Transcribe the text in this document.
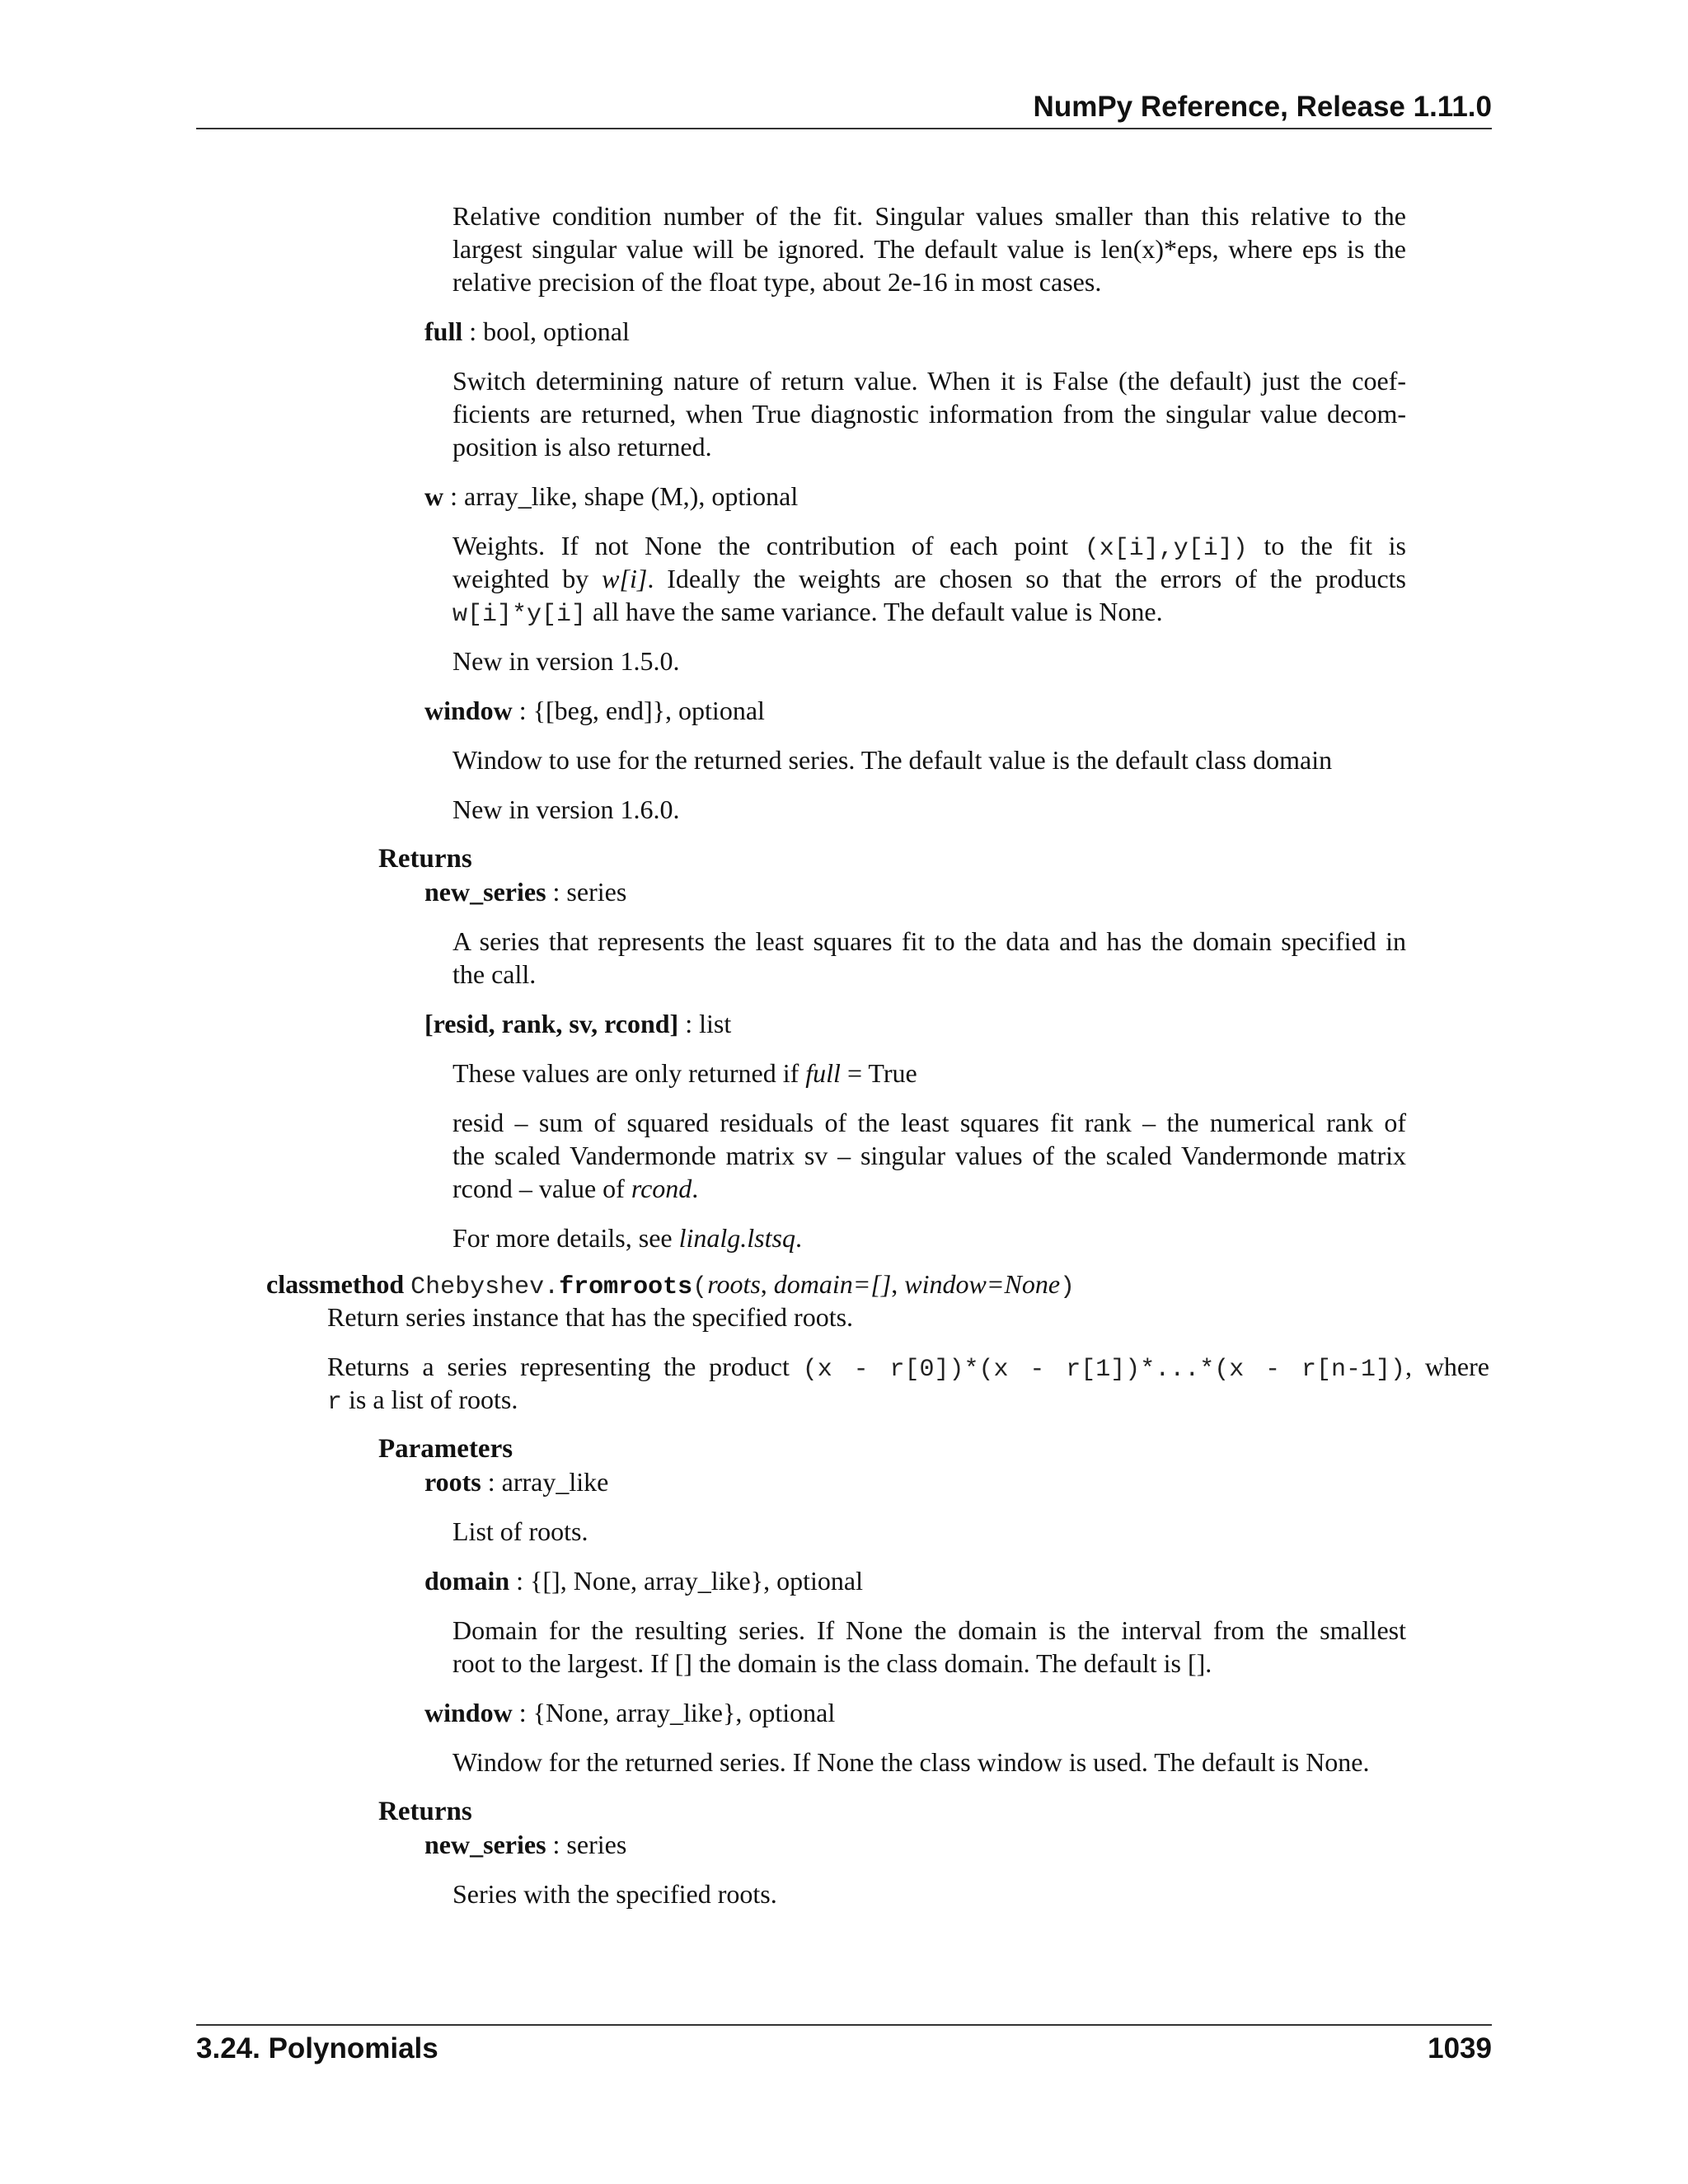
NumPy Reference, Release 1.11.0
Relative condition number of the fit. Singular values smaller than this relative to the
largest singular value will be ignored. The default value is len(x)*eps, where eps is the
relative precision of the float type, about 2e-16 in most cases.
full : bool, optional
Switch determining nature of return value. When it is False (the default) just the coef-
ficients are returned, when True diagnostic information from the singular value decom-
position is also returned.
w : array_like, shape (M,), optional
Weights. If not None the contribution of each point (x[i],y[i]) to the fit is
weighted by w[i]. Ideally the weights are chosen so that the errors of the products
w[i]*y[i] all have the same variance. The default value is None.
New in version 1.5.0.
window : {[beg, end]}, optional
Window to use for the returned series. The default value is the default class domain
New in version 1.6.0.
Returns
new_series : series
A series that represents the least squares fit to the data and has the domain specified in
the call.
[resid, rank, sv, rcond] : list
These values are only returned if full = True
resid – sum of squared residuals of the least squares fit rank – the numerical rank of
the scaled Vandermonde matrix sv – singular values of the scaled Vandermonde matrix
rcond – value of rcond.
For more details, see linalg.lstsq.
classmethod Chebyshev.fromroots(roots, domain=[], window=None)
Return series instance that has the specified roots.
Returns a series representing the product (x - r[0])*(x - r[1])*...*(x - r[n-1]), where
r is a list of roots.
Parameters
roots : array_like
List of roots.
domain : {[], None, array_like}, optional
Domain for the resulting series. If None the domain is the interval from the smallest
root to the largest. If [] the domain is the class domain. The default is [].
window : {None, array_like}, optional
Window for the returned series. If None the class window is used. The default is None.
Returns
new_series : series
Series with the specified roots.
3.24. Polynomials	1039
